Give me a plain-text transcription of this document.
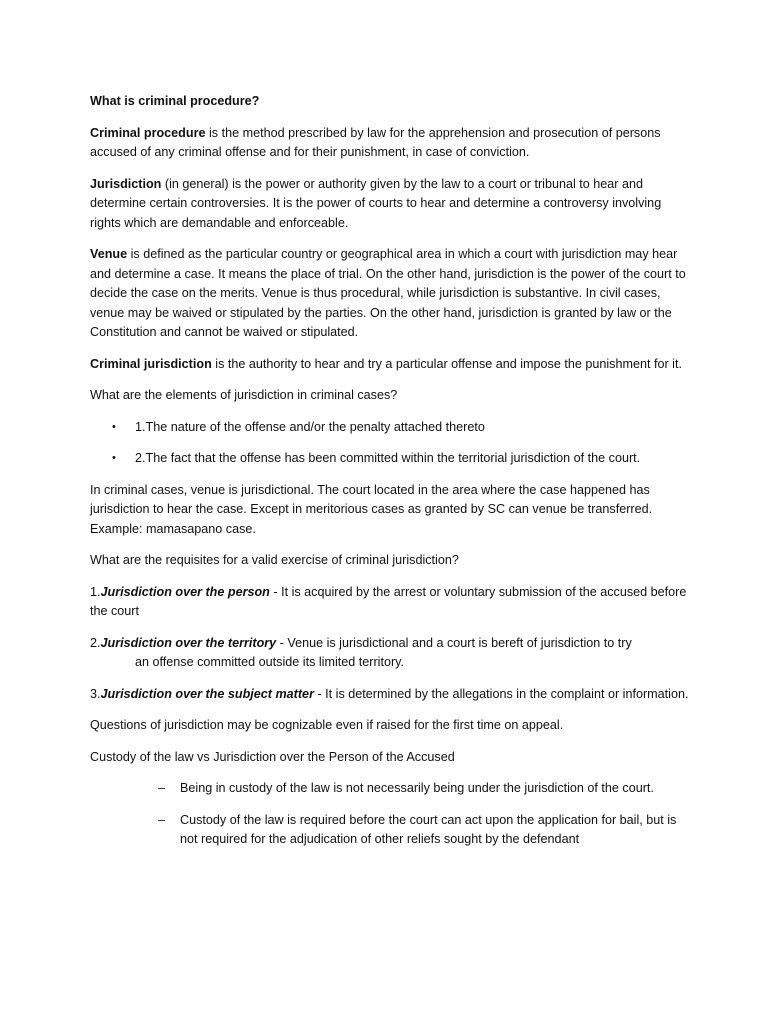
What is criminal procedure?

Criminal procedure is the method prescribed by law for the apprehension and prosecution of persons accused of any criminal offense and for their punishment, in case of conviction.

Jurisdiction (in general) is the power or authority given by the law to a court or tribunal to hear and determine certain controversies. It is the power of courts to hear and determine a controversy involving rights which are demandable and enforceable.

Venue is defined as the particular country or geographical area in which a court with jurisdiction may hear and determine a case. It means the place of trial. On the other hand, jurisdiction is the power of the court to decide the case on the merits. Venue is thus procedural, while jurisdiction is substantive. In civil cases, venue may be waived or stipulated by the parties. On the other hand, jurisdiction is granted by law or the Constitution and cannot be waived or stipulated.

Criminal jurisdiction is the authority to hear and try a particular offense and impose the punishment for it.

What are the elements of jurisdiction in criminal cases?

• 1.The nature of the offense and/or the penalty attached thereto
• 2.The fact that the offense has been committed within the territorial jurisdiction of the court.

In criminal cases, venue is jurisdictional. The court located in the area where the case happened has jurisdiction to hear the case. Except in meritorious cases as granted by SC can venue be transferred. Example: mamasapano case.

What are the requisites for a valid exercise of criminal jurisdiction?

1.Jurisdiction over the person - It is acquired by the arrest or voluntary submission of the accused before the court

2.Jurisdiction over the territory - Venue is jurisdictional and a court is bereft of jurisdiction to try
an offense committed outside its limited territory.

3.Jurisdiction over the subject matter - It is determined by the allegations in the complaint or information.

Questions of jurisdiction may be cognizable even if raised for the first time on appeal.

Custody of the law vs Jurisdiction over the Person of the Accused

– Being in custody of the law is not necessarily being under the jurisdiction of the court.
– Custody of the law is required before the court can act upon the application for bail, but is not required for the adjudication of other reliefs sought by the defendant
